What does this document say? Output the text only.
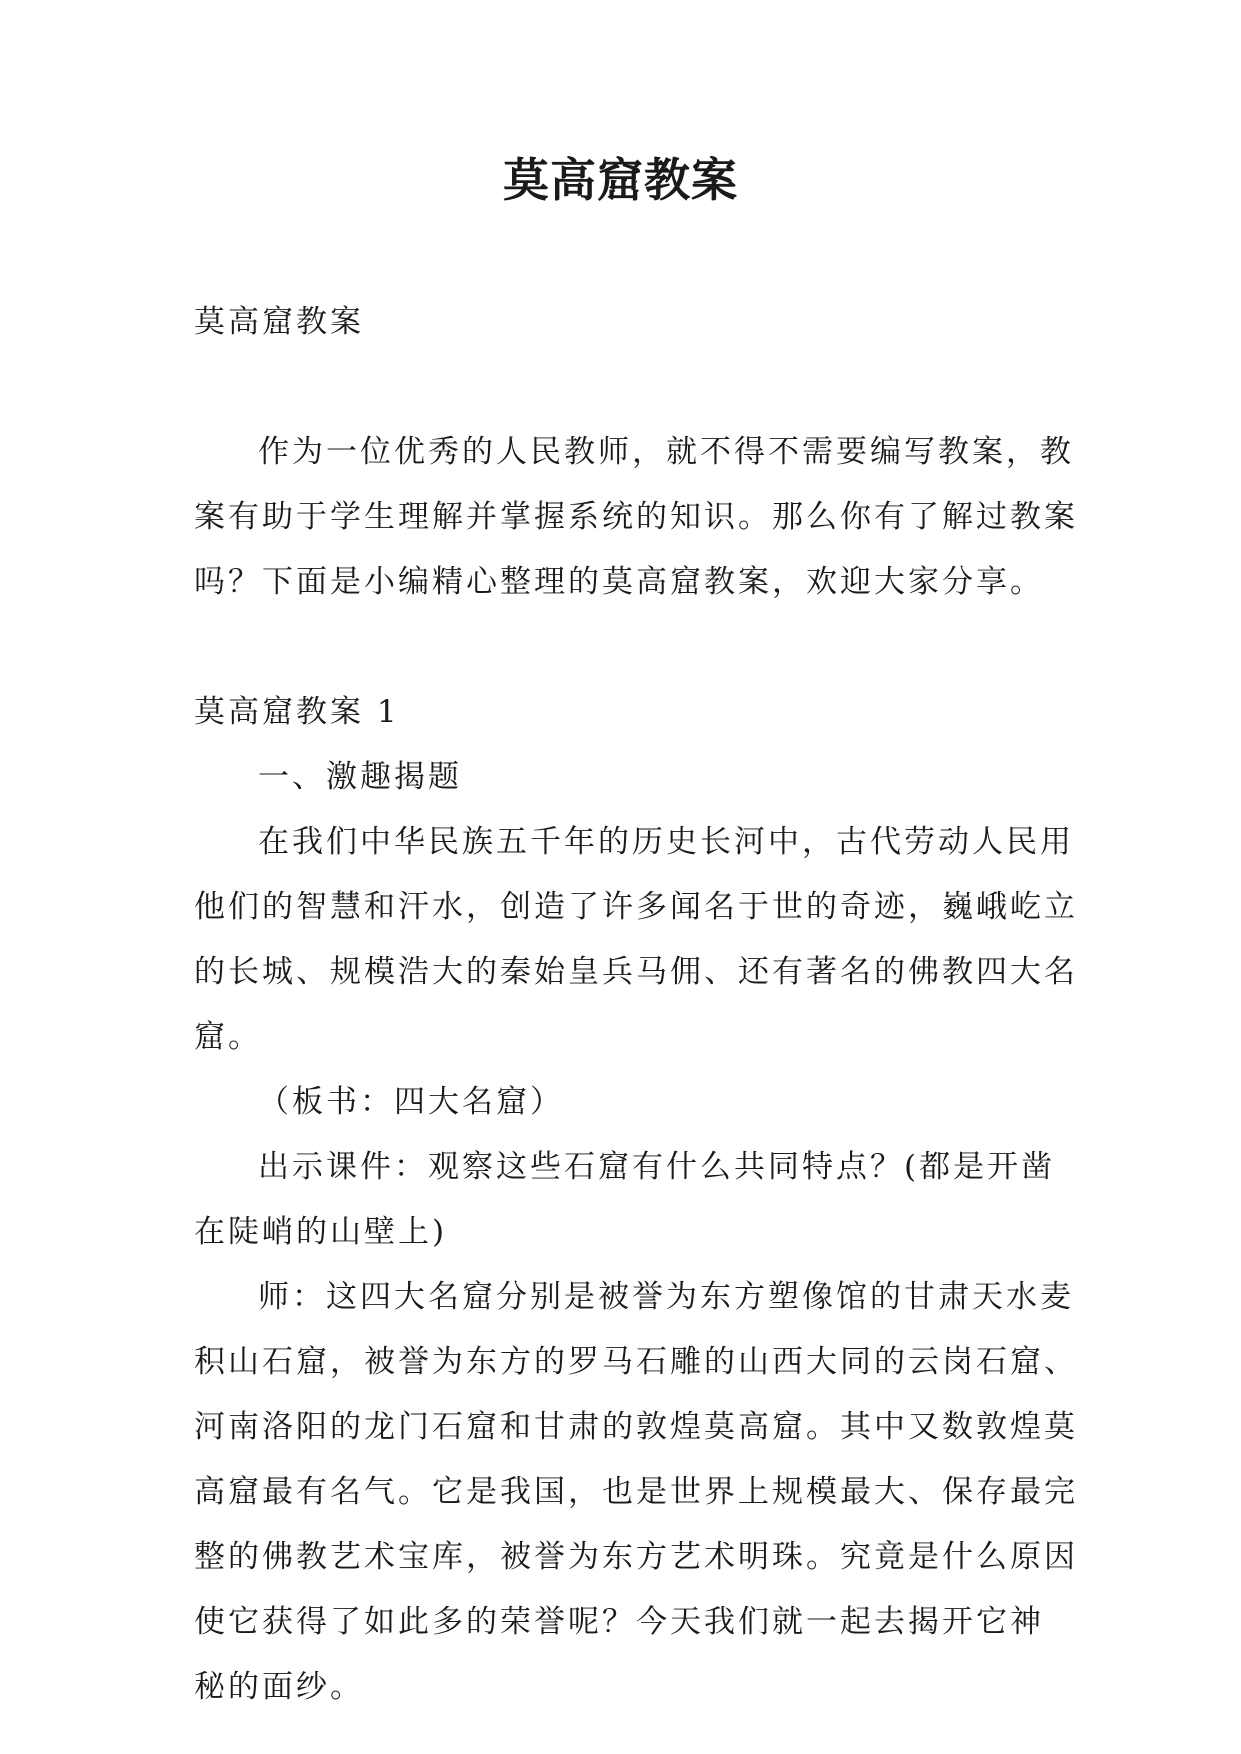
莫高窟教案
莫高窟教案
作为一位优秀的人民教师，就不得不需要编写教案，教
案有助于学生理解并掌握系统的知识。那么你有了解过教案
吗？下面是小编精心整理的莫高窟教案，欢迎大家分享。
莫高窟教案 1
一、激趣揭题
在我们中华民族五千年的历史长河中，古代劳动人民用
他们的智慧和汗水，创造了许多闻名于世的奇迹，巍峨屹立
的长城、规模浩大的秦始皇兵马佣、还有著名的佛教四大名
窟。
（板书：四大名窟）
出示课件：观察这些石窟有什么共同特点？(都是开凿
在陡峭的山壁上)
师：这四大名窟分别是被誉为东方塑像馆的甘肃天水麦
积山石窟，被誉为东方的罗马石雕的山西大同的云岗石窟、
河南洛阳的龙门石窟和甘肃的敦煌莫高窟。其中又数敦煌莫
高窟最有名气。它是我国，也是世界上规模最大、保存最完
整的佛教艺术宝库，被誉为东方艺术明珠。究竟是什么原因
使它获得了如此多的荣誉呢？今天我们就一起去揭开它神
秘的面纱。
